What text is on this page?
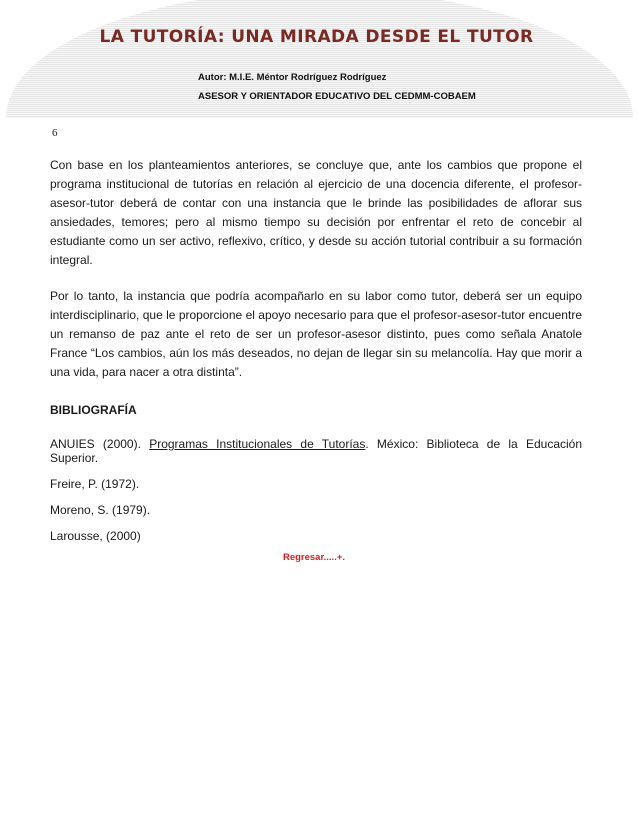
LA TUTORÍA: UNA MIRADA DESDE EL TUTOR
Autor: M.I.E. Méntor Rodríguez Rodríguez
ASESOR Y ORIENTADOR EDUCATIVO DEL CEDMM-COBAEM
6

Con base en los planteamientos anteriores, se concluye que, ante los cambios que propone el programa institucional de tutorías en relación al ejercicio de una docencia diferente, el profesor-asesor-tutor deberá de contar con una instancia que le brinde las posibilidades de aflorar sus ansiedades, temores; pero al mismo tiempo su decisión por enfrentar el reto de concebir al estudiante como un ser activo, reflexivo, crítico, y desde su acción tutorial contribuir a su formación integral.

Por lo tanto, la instancia que podría acompañarlo en su labor como tutor, deberá ser un equipo interdisciplinario, que le proporcione el apoyo necesario para que el profesor-asesor-tutor encuentre un remanso de paz ante el reto de ser un profesor-asesor distinto, pues como señala Anatole France “Los cambios, aún los más deseados, no dejan de llegar sin su melancolía. Hay que morir a una vida, para nacer a otra distinta”.

BIBLIOGRAFÍA

ANUIES (2000). Programas Institucionales de Tutorías. México: Biblioteca de la Educación Superior.

Freire, P. (1972).

Moreno, S. (1979).

Larousse, (2000)

Regresar.....+.
